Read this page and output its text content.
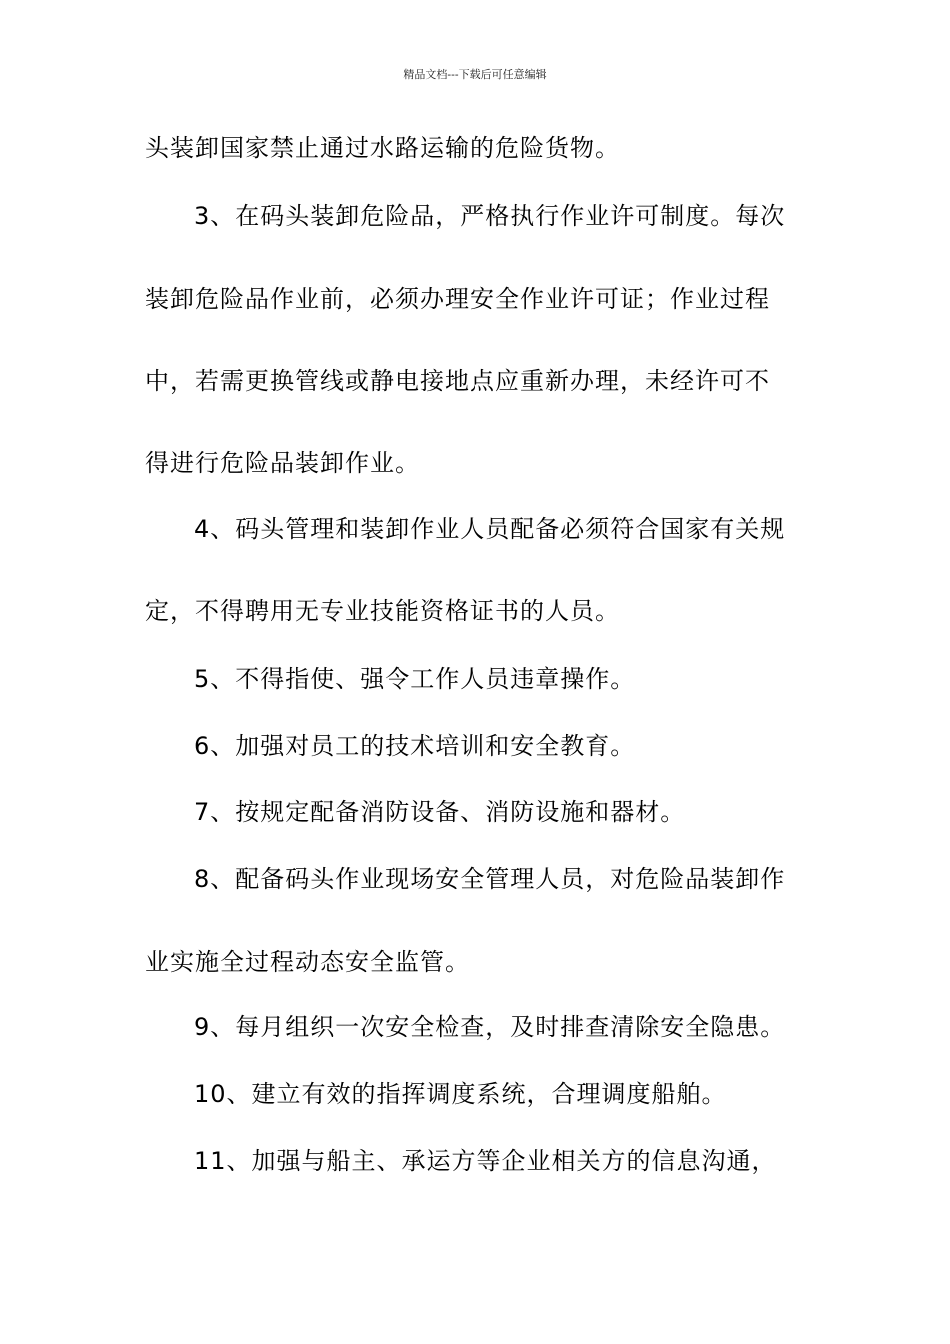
精品文档---下载后可任意编辑
头装卸国家禁止通过水路运输的危险货物。
3、在码头装卸危险品，严格执行作业许可制度。每次
装卸危险品作业前，必须办理安全作业许可证；作业过程
中，若需更换管线或静电接地点应重新办理，未经许可不
得进行危险品装卸作业。
4、码头管理和装卸作业人员配备必须符合国家有关规
定，不得聘用无专业技能资格证书的人员。
5、不得指使、强令工作人员违章操作。
6、加强对员工的技术培训和安全教育。
7、按规定配备消防设备、消防设施和器材。
8、配备码头作业现场安全管理人员，对危险品装卸作
业实施全过程动态安全监管。
9、每月组织一次安全检查，及时排查清除安全隐患。
10、建立有效的指挥调度系统，合理调度船舶。
11、加强与船主、承运方等企业相关方的信息沟通，
